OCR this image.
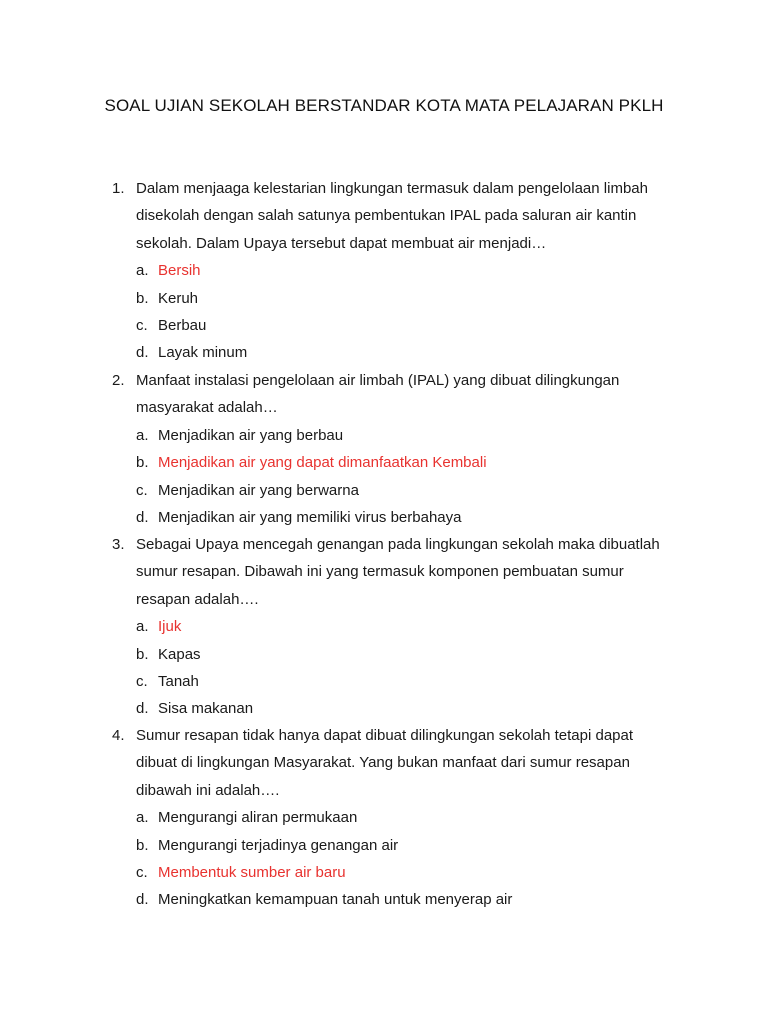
SOAL UJIAN SEKOLAH BERSTANDAR KOTA MATA PELAJARAN PKLH
1. Dalam menjaaga kelestarian lingkungan termasuk dalam pengelolaan limbah disekolah dengan salah satunya pembentukan IPAL pada saluran air kantin sekolah. Dalam Upaya tersebut dapat membuat air menjadi…
a. Bersih
b. Keruh
c. Berbau
d. Layak minum
2. Manfaat instalasi pengelolaan air limbah (IPAL) yang dibuat dilingkungan masyarakat adalah…
a. Menjadikan air yang berbau
b. Menjadikan air yang dapat dimanfaatkan Kembali
c. Menjadikan air yang berwarna
d. Menjadikan air yang memiliki virus berbahaya
3. Sebagai Upaya mencegah genangan pada lingkungan sekolah maka dibuatlah sumur resapan. Dibawah ini yang termasuk komponen pembuatan sumur resapan adalah….
a. Ijuk
b. Kapas
c. Tanah
d. Sisa makanan
4. Sumur resapan tidak hanya dapat dibuat dilingkungan sekolah tetapi dapat dibuat di lingkungan Masyarakat. Yang bukan manfaat dari sumur resapan dibawah ini adalah….
a. Mengurangi aliran permukaan
b. Mengurangi terjadinya genangan air
c. Membentuk sumber air baru
d. Meningkatkan kemampuan tanah untuk menyerap air
